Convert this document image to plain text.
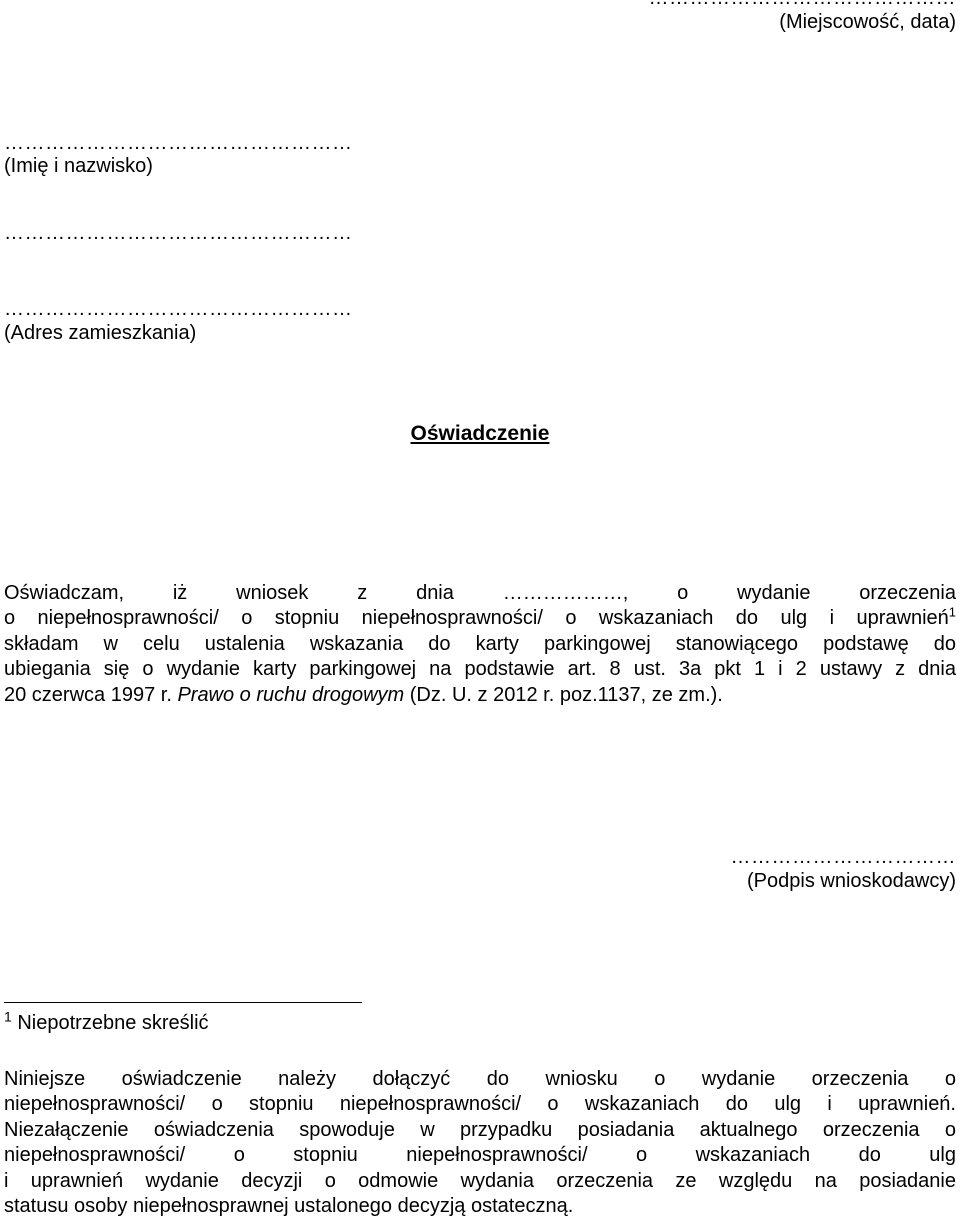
(Miejscowość, data)
……………………………………………
(Imię i nazwisko)
……………………………………………
……………………………………………
(Adres zamieszkania)
Oświadczenie
Oświadczam, iż wniosek z dnia ………………, o wydanie orzeczenia
o niepełnosprawności/ o stopniu niepełnosprawności/ o wskazaniach do ulg i uprawnień$^1$
składam w celu ustalenia wskazania do karty parkingowej stanowiącego podstawę do
ubiegania się o wydanie karty parkingowej na podstawie art. 8 ust. 3a pkt 1 i 2 ustawy z dnia
20 czerwca 1997 r. Prawo o ruchu drogowym (Dz. U. z 2012 r. poz.1137, ze zm.).
……………………………
(Podpis wnioskodawcy)
$^1$ Niepotrzebne skreślić
Niniejsze oświadczenie należy dołączyć do wniosku o wydanie orzeczenia o
niepełnosprawności/ o stopniu niepełnosprawności/ o wskazaniach do ulg i uprawnień.
Niezałączenie oświadczenia spowoduje w przypadku posiadania aktualnego orzeczenia o
niepełnosprawności/ o stopniu niepełnosprawności/ o wskazaniach do ulg
i uprawnień wydanie decyzji o odmowie wydania orzeczenia ze względu na posiadanie
statusu osoby niepełnosprawnej ustalonego decyzją ostateczną.
